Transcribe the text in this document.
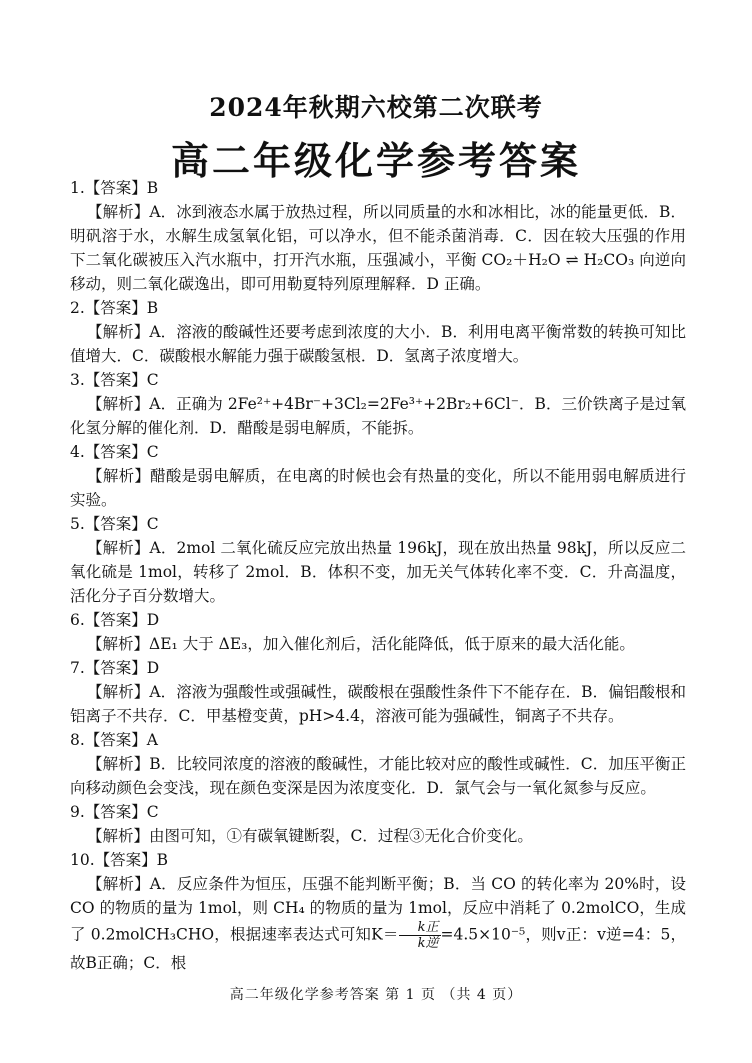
2024年秋期六校第二次联考
高二年级化学参考答案
1.【答案】B
【解析】A．冰到液态水属于放热过程，所以同质量的水和冰相比，冰的能量更低．B．明矾溶于水，水解生成氢氧化铝，可以净水，但不能杀菌消毒．C．因在较大压强的作用下二氧化碳被压入汽水瓶中，打开汽水瓶，压强减小，平衡 CO₂＋H₂O ⇌ H₂CO₃ 向逆向移动，则二氧化碳逸出，即可用勒夏特列原理解释．D 正确。
2.【答案】B
【解析】A．溶液的酸碱性还要考虑到浓度的大小．B．利用电离平衡常数的转换可知比值增大．C．碳酸根水解能力强于碳酸氢根．D．氢离子浓度增大。
3.【答案】C
【解析】A．正确为 2Fe²⁺+4Br⁻+3Cl₂=2Fe³⁺+2Br₂+6Cl⁻．B．三价铁离子是过氧化氢分解的催化剂．D．醋酸是弱电解质，不能拆。
4.【答案】C
【解析】醋酸是弱电解质，在电离的时候也会有热量的变化，所以不能用弱电解质进行实验。
5.【答案】C
【解析】A．2mol 二氧化硫反应完放出热量 196kJ，现在放出热量 98kJ，所以反应二氧化硫是 1mol，转移了 2mol．B．体积不变，加无关气体转化率不变．C．升高温度，活化分子百分数增大。
6.【答案】D
【解析】ΔE₁ 大于 ΔE₃，加入催化剂后，活化能降低，低于原来的最大活化能。
7.【答案】D
【解析】A．溶液为强酸性或强碱性，碳酸根在强酸性条件下不能存在．B．偏铝酸根和铝离子不共存．C．甲基橙变黄，pH>4.4，溶液可能为强碱性，铜离子不共存。
8.【答案】A
【解析】B．比较同浓度的溶液的酸碱性，才能比较对应的酸性或碱性．C．加压平衡正向移动颜色会变浅，现在颜色变深是因为浓度变化．D．氯气会与一氧化氮参与反应。
9.【答案】C
【解析】由图可知，①有碳氧键断裂，C．过程③无化合价变化。
10.【答案】B
【解析】A．反应条件为恒压，压强不能判断平衡；B．当 CO 的转化率为 20%时，设 CO 的物质的量为 1mol，则 CH₄ 的物质的量为 1mol，反应中消耗了 0.2molCO，生成了 0.2molCH₃CHO，根据速率表达式可知$K= \frac{\text{k正}}{\text{k逆}} =4.5\times 10^{-5}$，则v正：v逆=4：5，故B正确；C．根
高二年级化学参考答案 第 1 页 （共 4 页）
